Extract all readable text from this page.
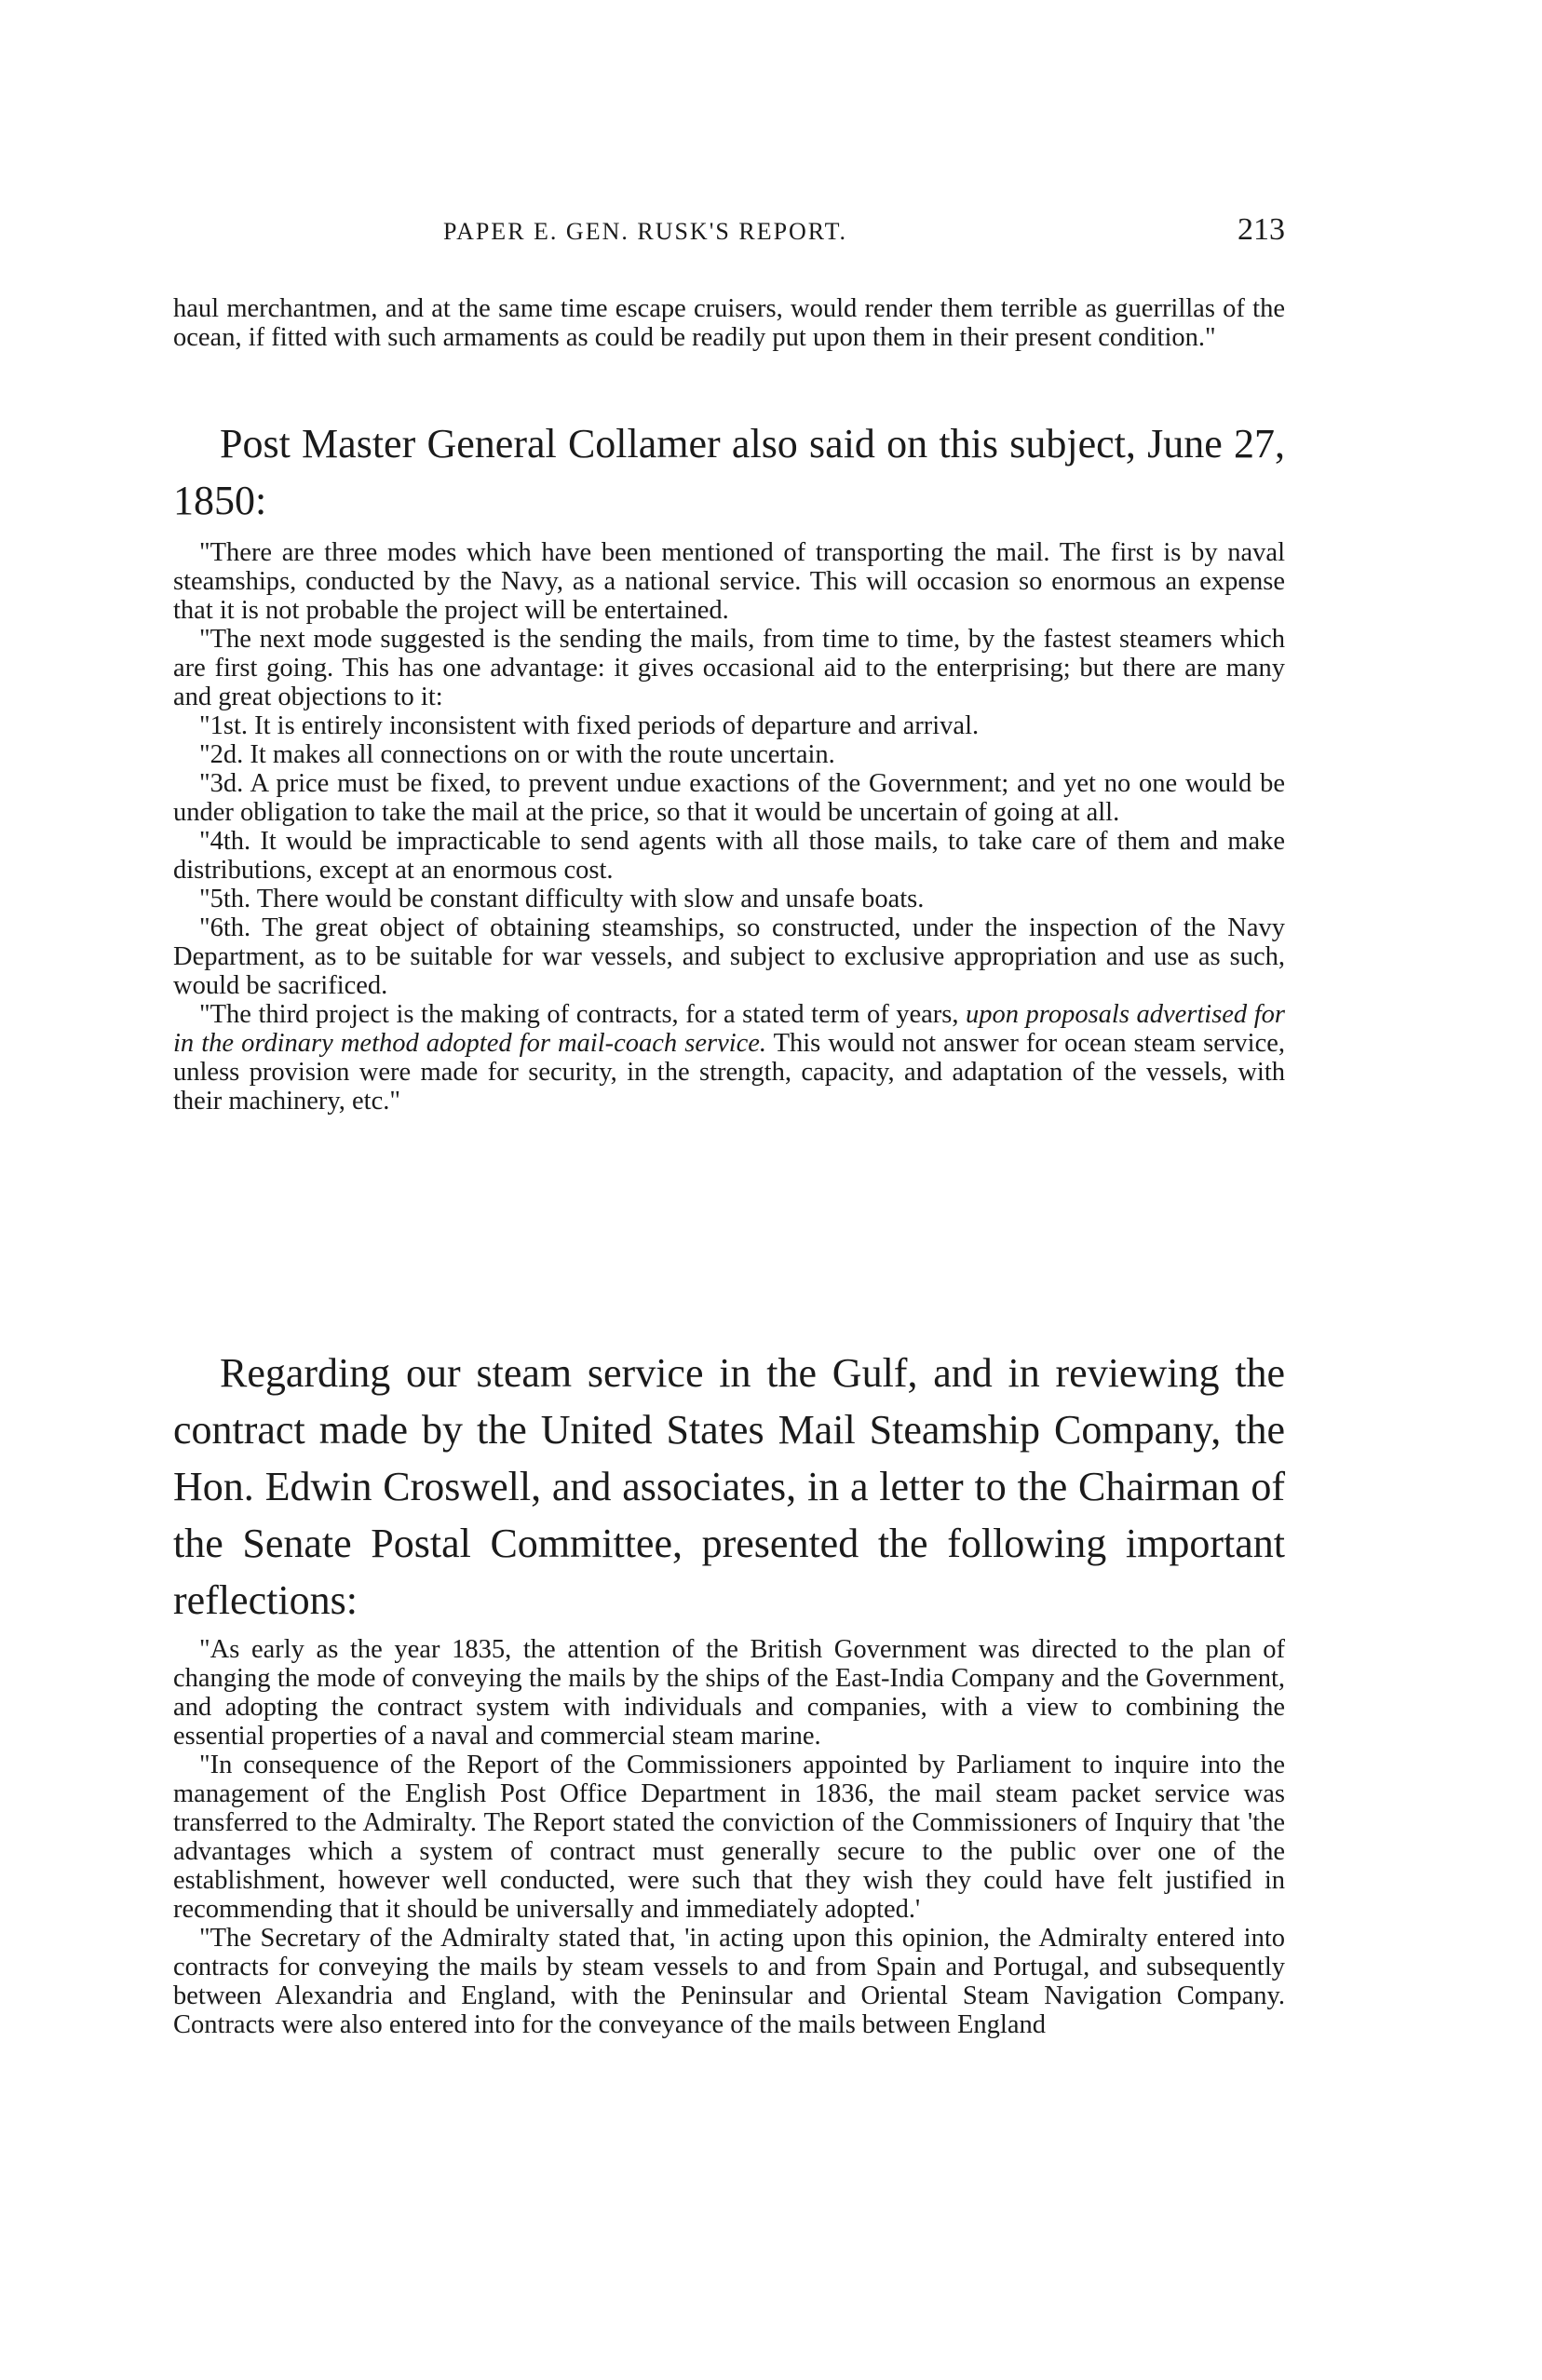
PAPER E. GEN. RUSK'S REPORT.	213

haul merchantmen, and at the same time escape cruisers, would render them terrible as guerrillas of the ocean, if fitted with such armaments as could be readily put upon them in their present condition."

Post Master General Collamer also said on this subject, June 27, 1850:

"There are three modes which have been mentioned of transporting the mail. The first is by naval steamships, conducted by the Navy, as a national service. This will occasion so enormous an expense that it is not probable the project will be entertained.

"The next mode suggested is the sending the mails, from time to time, by the fastest steamers which are first going. This has one advantage: it gives occasional aid to the enterprising; but there are many and great objections to it:

"1st. It is entirely inconsistent with fixed periods of departure and arrival.

"2d. It makes all connections on or with the route uncertain.

"3d. A price must be fixed, to prevent undue exactions of the Government; and yet no one would be under obligation to take the mail at the price, so that it would be uncertain of going at all.

"4th. It would be impracticable to send agents with all those mails, to take care of them and make distributions, except at an enormous cost.

"5th. There would be constant difficulty with slow and unsafe boats.

"6th. The great object of obtaining steamships, so constructed, under the inspection of the Navy Department, as to be suitable for war vessels, and subject to exclusive appropriation and use as such, would be sacrificed.

"The third project is the making of contracts, for a stated term of years, upon proposals advertised for in the ordinary method adopted for mail-coach service. This would not answer for ocean steam service, unless provision were made for security, in the strength, capacity, and adaptation of the vessels, with their machinery, etc."

Regarding our steam service in the Gulf, and in reviewing the contract made by the United States Mail Steamship Company, the Hon. Edwin Croswell, and associates, in a letter to the Chairman of the Senate Postal Committee, presented the following important reflections:

"As early as the year 1835, the attention of the British Government was directed to the plan of changing the mode of conveying the mails by the ships of the East-India Company and the Government, and adopting the contract system with individuals and companies, with a view to combining the essential properties of a naval and commercial steam marine.

"In consequence of the Report of the Commissioners appointed by Parliament to inquire into the management of the English Post Office Department in 1836, the mail steam packet service was transferred to the Admiralty. The Report stated the conviction of the Commissioners of Inquiry that 'the advantages which a system of contract must generally secure to the public over one of the establishment, however well conducted, were such that they wish they could have felt justified in recommending that it should be universally and immediately adopted.'

"The Secretary of the Admiralty stated that, 'in acting upon this opinion, the Admiralty entered into contracts for conveying the mails by steam vessels to and from Spain and Portugal, and subsequently between Alexandria and England, with the Peninsular and Oriental Steam Navigation Company. Contracts were also entered into for the conveyance of the mails between England
